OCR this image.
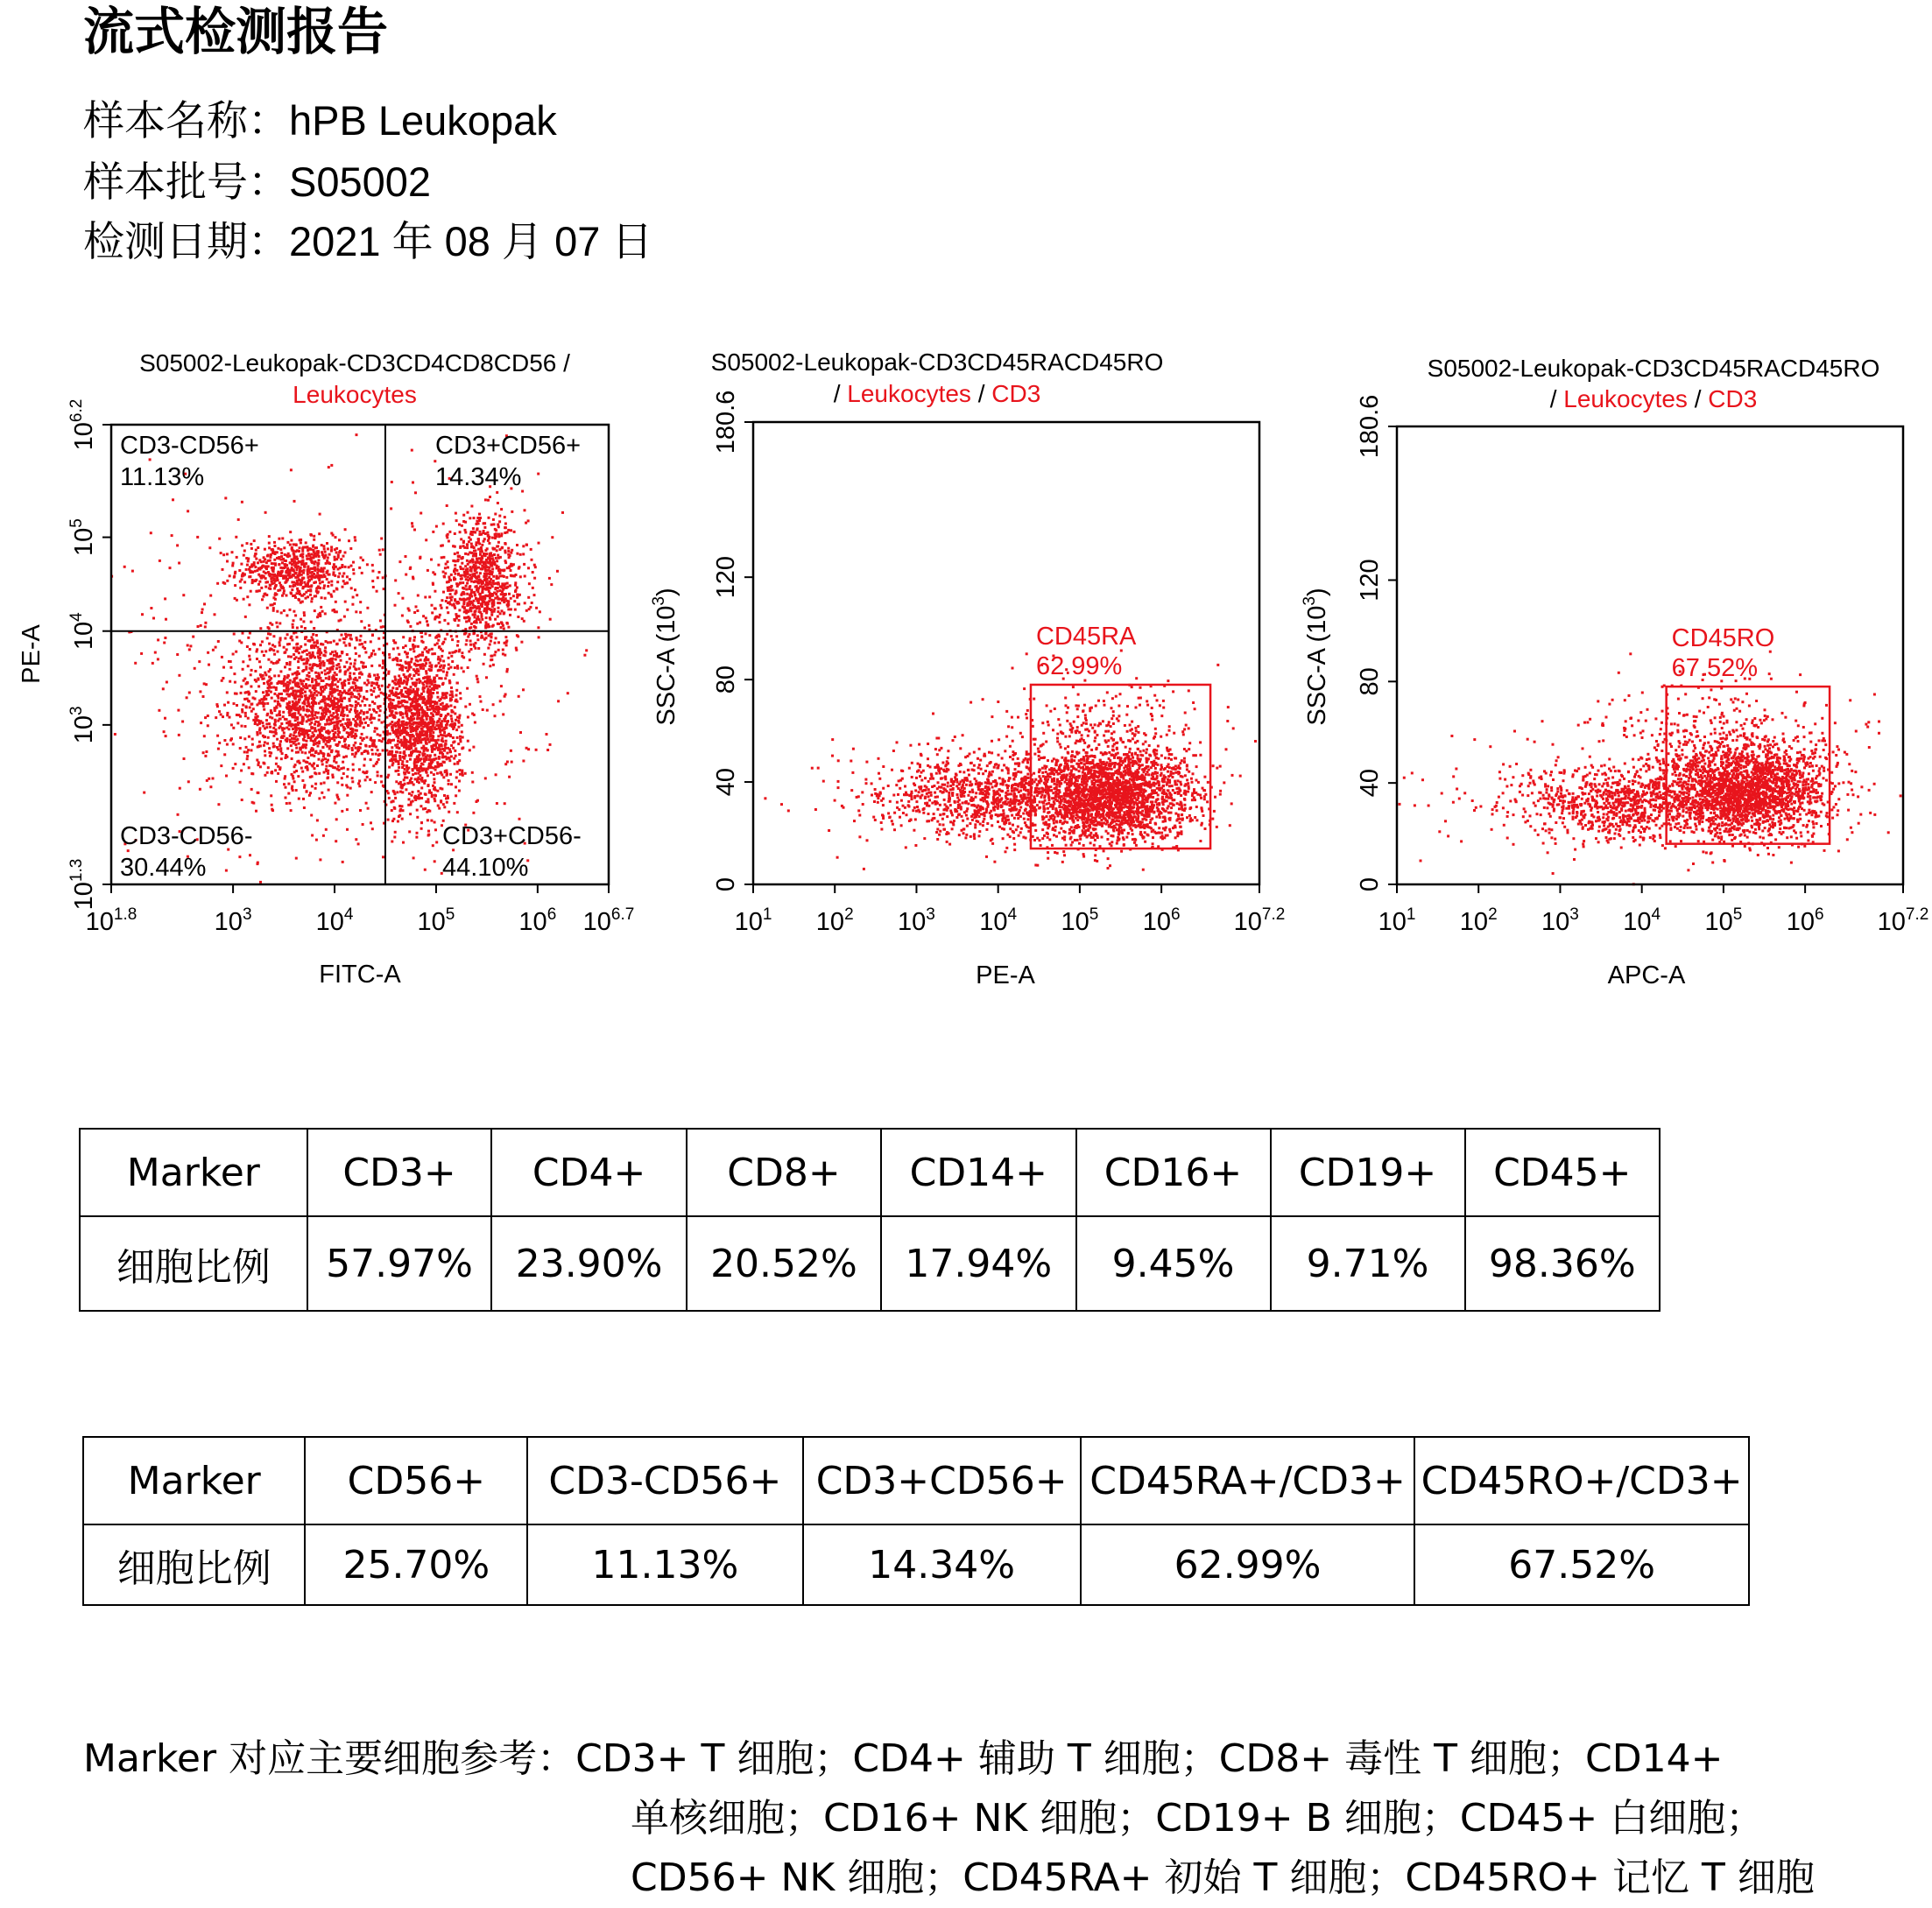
流式检测报告
样本名称：hPB Leukopak
样本批号：S05002
检测日期：2021 年 08 月 07 日
S05002-Leukopak-CD3CD4CD8CD56 /
Leukocytes
$10^{1.8}$	$10^3$	$10^4$	$10^5$	$10^6$ $10^{6.7}$
$10^{1.3}$
$10^3$
$10^4$
$10^5$
$10^{6.2}$
CD3-CD56+
11.13%
CD3+CD56+
14.34%
CD3-CD56-
30.44%
CD3+CD56-
44.10%
FITC-A
PE-A
S05002-Leukopak-CD3CD45RACD45RO
/ Leukocytes / CD3
CD45RA
62.99%
$10^1$ $10^2$ $10^3$ $10^4$ $10^5$ $10^6$ $10^{7.2}$
0
40
80
120
180.6
PE-A
SSC-A $(10^3)$
S05002-Leukopak-CD3CD45RACD45RO
/ Leukocytes / CD3
CD45RO
67.52%
$10^1$ $10^2$ $10^3$ $10^4$ $10^5$ $10^6$ $10^{7.2}$
0
40
80
120
180.6
APC-A
SSC-A $(10^3)$
Marker	CD3+	CD4+	CD8+	CD14+	CD16+	CD19+	CD45+
细胞比例	57.97%	23.90%	20.52%	17.94%	9.45%	9.71%	98.36%
Marker	CD56+	CD3-CD56+	CD3+CD56+	CD45RA+/CD3+	CD45RO+/CD3+
细胞比例	25.70%	11.13%	14.34%	62.99%	67.52%
Marker 对应主要细胞参考：CD3+ T 细胞；CD4+ 辅助 T 细胞；CD8+ 毒性 T 细胞；CD14+
单核细胞；CD16+ NK 细胞；CD19+ B 细胞；CD45+ 白细胞；
CD56+ NK 细胞；CD45RA+ 初始 T 细胞；CD45RO+ 记忆 T 细胞
